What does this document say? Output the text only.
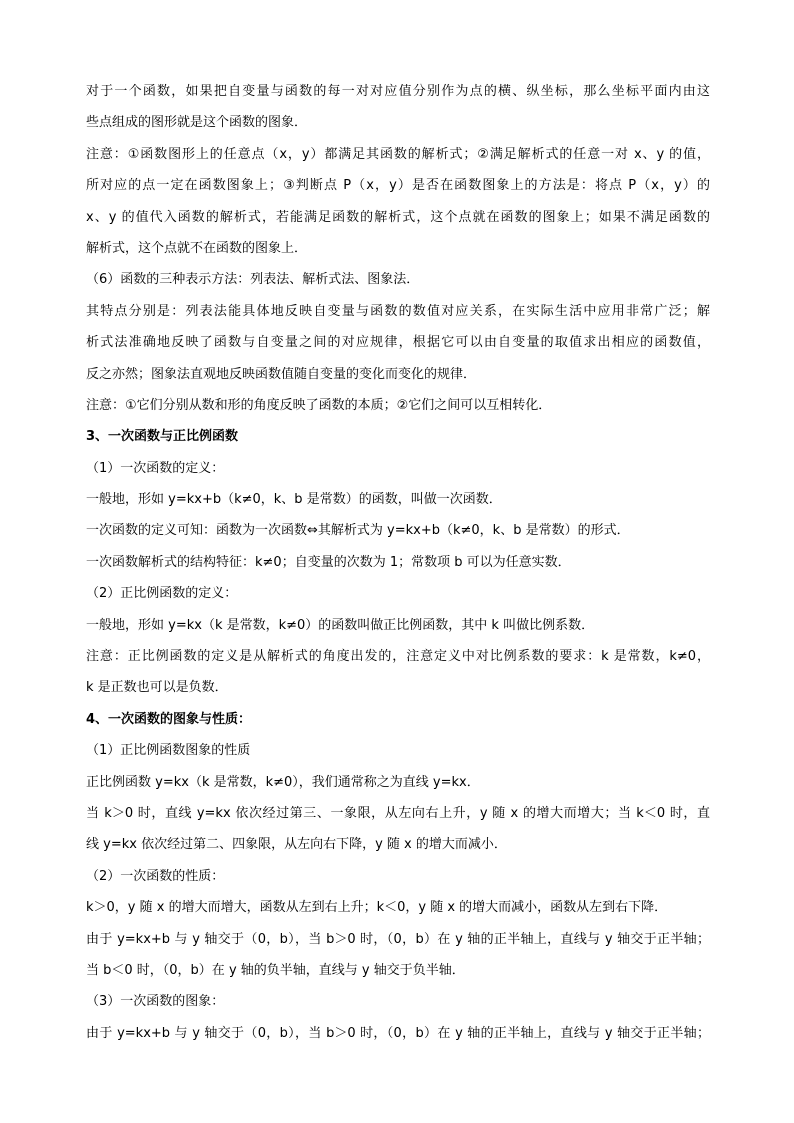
对于一个函数，如果把自变量与函数的每一对对应值分别作为点的横、纵坐标，那么坐标平面内由这
些点组成的图形就是这个函数的图象．
注意：①函数图形上的任意点（x，y）都满足其函数的解析式；②满足解析式的任意一对 x、y 的值，
所对应的点一定在函数图象上；③判断点 P（x，y）是否在函数图象上的方法是：将点 P（x，y）的
x、y 的值代入函数的解析式，若能满足函数的解析式，这个点就在函数的图象上；如果不满足函数的
解析式，这个点就不在函数的图象上．
（6）函数的三种表示方法：列表法、解析式法、图象法．
其特点分别是：列表法能具体地反映自变量与函数的数值对应关系，在实际生活中应用非常广泛；解
析式法准确地反映了函数与自变量之间的对应规律，根据它可以由自变量的取值求出相应的函数值，
反之亦然；图象法直观地反映函数值随自变量的变化而变化的规律．
注意：①它们分别从数和形的角度反映了函数的本质；②它们之间可以互相转化．
3、一次函数与正比例函数
（1）一次函数的定义：
一般地，形如 y=kx+b（k≠0，k、b 是常数）的函数，叫做一次函数．
一次函数的定义可知：函数为一次函数⇔其解析式为 y=kx+b（k≠0，k、b 是常数）的形式．
一次函数解析式的结构特征：k≠0；自变量的次数为 1；常数项 b 可以为任意实数．
（2）正比例函数的定义：
一般地，形如 y=kx（k 是常数，k≠0）的函数叫做正比例函数，其中 k 叫做比例系数．
注意：正比例函数的定义是从解析式的角度出发的，注意定义中对比例系数的要求：k 是常数，k≠0，
k 是正数也可以是负数．
4、一次函数的图象与性质：
（1）正比例函数图象的性质
正比例函数 y=kx（k 是常数，k≠0），我们通常称之为直线 y=kx．
当 k＞0 时，直线 y=kx 依次经过第三、一象限，从左向右上升，y 随 x 的增大而增大；当 k＜0 时，直
线 y=kx 依次经过第二、四象限，从左向右下降，y 随 x 的增大而减小．
（2）一次函数的性质：
k＞0，y 随 x 的增大而增大，函数从左到右上升；k＜0，y 随 x 的增大而减小，函数从左到右下降．
由于 y=kx+b 与 y 轴交于（0，b），当 b＞0 时，（0，b）在 y 轴的正半轴上，直线与 y 轴交于正半轴；
当 b＜0 时，（0，b）在 y 轴的负半轴，直线与 y 轴交于负半轴．
（3）一次函数的图象：
由于 y=kx+b 与 y 轴交于（0，b），当 b＞0 时，（0，b）在 y 轴的正半轴上，直线与 y 轴交于正半轴；
